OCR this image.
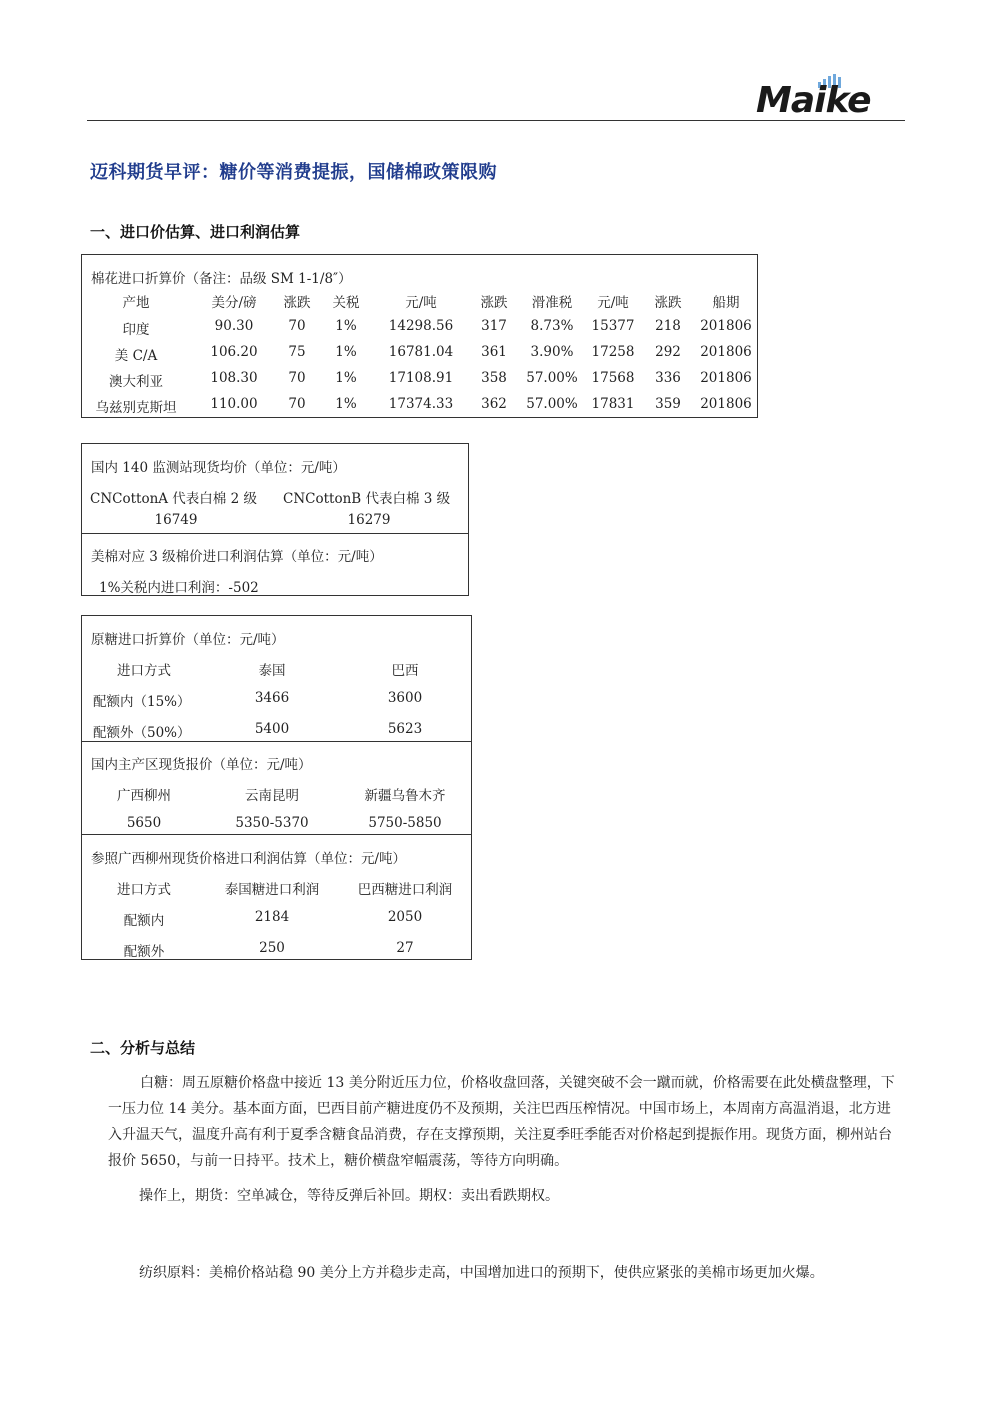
Maike
迈科期货早评：糖价等消费提振，国储棉政策限购
一、进口价估算、进口利润估算
棉花进口折算价（备注：品级 SM 1-1/8″）
产地	美分/磅	涨跌	关税	元/吨	涨跌	滑准税	元/吨	涨跌	船期
印度	90.30	70	1%	14298.56	317	8.73%	15377	218	201806
美 C/A	106.20	75	1%	16781.04	361	3.90%	17258	292	201806
澳大利亚	108.30	70	1%	17108.91	358	57.00%	17568	336	201806
乌兹别克斯坦	110.00	70	1%	17374.33	362	57.00%	17831	359	201806
国内 140 监测站现货均价（单位：元/吨）
CNCottonA 代表白棉 2 级 CNCottonB 代表白棉 3 级
16749	16279
美棉对应 3 级棉价进口利润估算（单位：元/吨）
1%关税内进口利润：-502
原糖进口折算价（单位：元/吨）
进口方式	泰国	巴西
配额内（15%）	3466	3600
配额外（50%）	5400	5623
国内主产区现货报价（单位：元/吨）
广西柳州	云南昆明	新疆乌鲁木齐
5650	5350-5370	5750-5850
参照广西柳州现货价格进口利润估算（单位：元/吨）
进口方式	泰国糖进口利润	巴西糖进口利润
配额内	2184	2050
配额外	250	27
二、分析与总结
白糖：周五原糖价格盘中接近 13 美分附近压力位，价格收盘回落，关键突破不会一蹴而就，价格需要在此处横盘整理，下一压力位 14 美分。基本面方面，巴西目前产糖进度仍不及预期，关注巴西压榨情况。中国市场上，本周南方高温消退，北方进入升温天气，温度升高有利于夏季含糖食品消费，存在支撑预期，关注夏季旺季能否对价格起到提振作用。现货方面，柳州站台报价 5650，与前一日持平。技术上，糖价横盘窄幅震荡，等待方向明确。
操作上，期货：空单减仓，等待反弹后补回。期权：卖出看跌期权。
纺织原料：美棉价格站稳 90 美分上方并稳步走高，中国增加进口的预期下，使供应紧张的美棉市场更加火爆。
